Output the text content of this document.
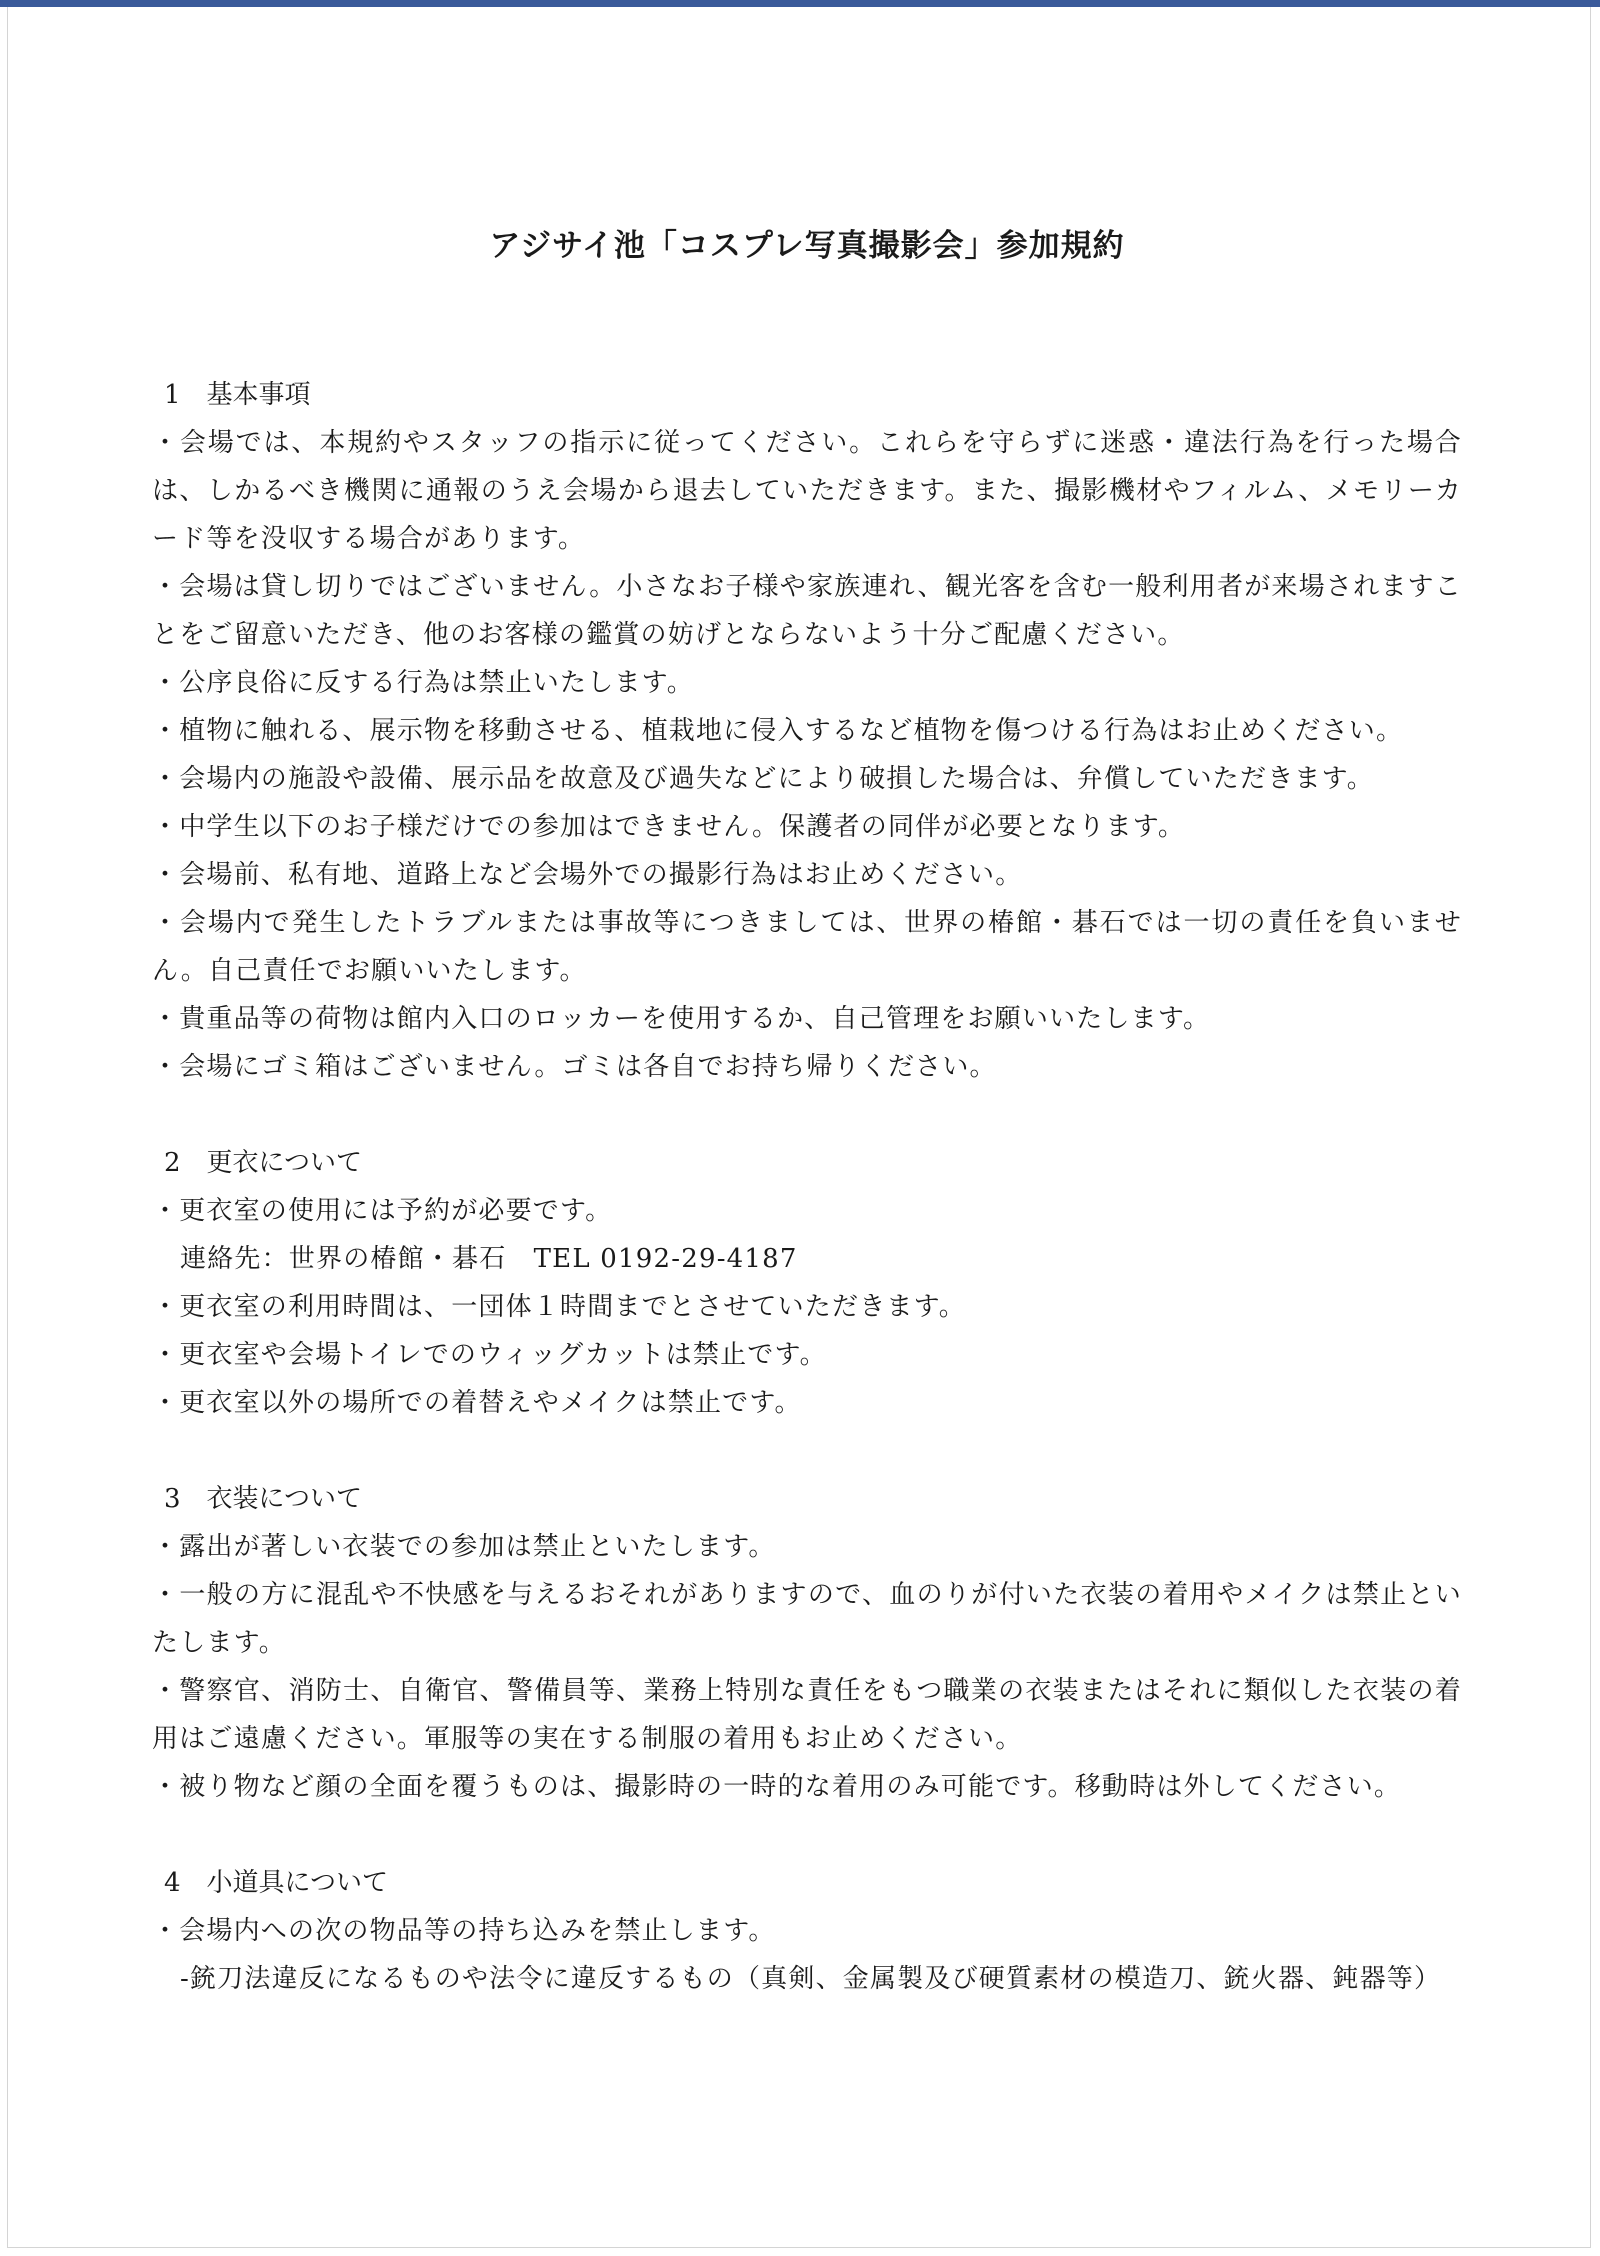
アジサイ池「コスプレ写真撮影会」参加規約

1　基本事項

・会場では、本規約やスタッフの指示に従ってください。これらを守らずに迷惑・違法行為を行った場合は、しかるべき機関に通報のうえ会場から退去していただきます。また、撮影機材やフィルム、メモリーカード等を没収する場合があります。

・会場は貸し切りではございません。小さなお子様や家族連れ、観光客を含む一般利用者が来場されますことをご留意いただき、他のお客様の鑑賞の妨げとならないよう十分ご配慮ください。

・公序良俗に反する行為は禁止いたします。

・植物に触れる、展示物を移動させる、植栽地に侵入するなど植物を傷つける行為はお止めください。

・会場内の施設や設備、展示品を故意及び過失などにより破損した場合は、弁償していただきます。

・中学生以下のお子様だけでの参加はできません。保護者の同伴が必要となります。

・会場前、私有地、道路上など会場外での撮影行為はお止めください。

・会場内で発生したトラブルまたは事故等につきましては、世界の椿館・碁石では一切の責任を負いません。自己責任でお願いいたします。

・貴重品等の荷物は館内入口のロッカーを使用するか、自己管理をお願いいたします。

・会場にゴミ箱はございません。ゴミは各自でお持ち帰りください。

2　更衣について

・更衣室の使用には予約が必要です。

連絡先：世界の椿館・碁石　TEL 0192-29-4187

・更衣室の利用時間は、一団体１時間までとさせていただきます。

・更衣室や会場トイレでのウィッグカットは禁止です。

・更衣室以外の場所での着替えやメイクは禁止です。

3　衣装について

・露出が著しい衣装での参加は禁止といたします。

・一般の方に混乱や不快感を与えるおそれがありますので、血のりが付いた衣装の着用やメイクは禁止といたします。

・警察官、消防士、自衛官、警備員等、業務上特別な責任をもつ職業の衣装またはそれに類似した衣装の着用はご遠慮ください。軍服等の実在する制服の着用もお止めください。

・被り物など顔の全面を覆うものは、撮影時の一時的な着用のみ可能です。移動時は外してください。

4　小道具について

・会場内への次の物品等の持ち込みを禁止します。

-銃刀法違反になるものや法令に違反するもの（真剣、金属製及び硬質素材の模造刀、銃火器、鈍器等）
